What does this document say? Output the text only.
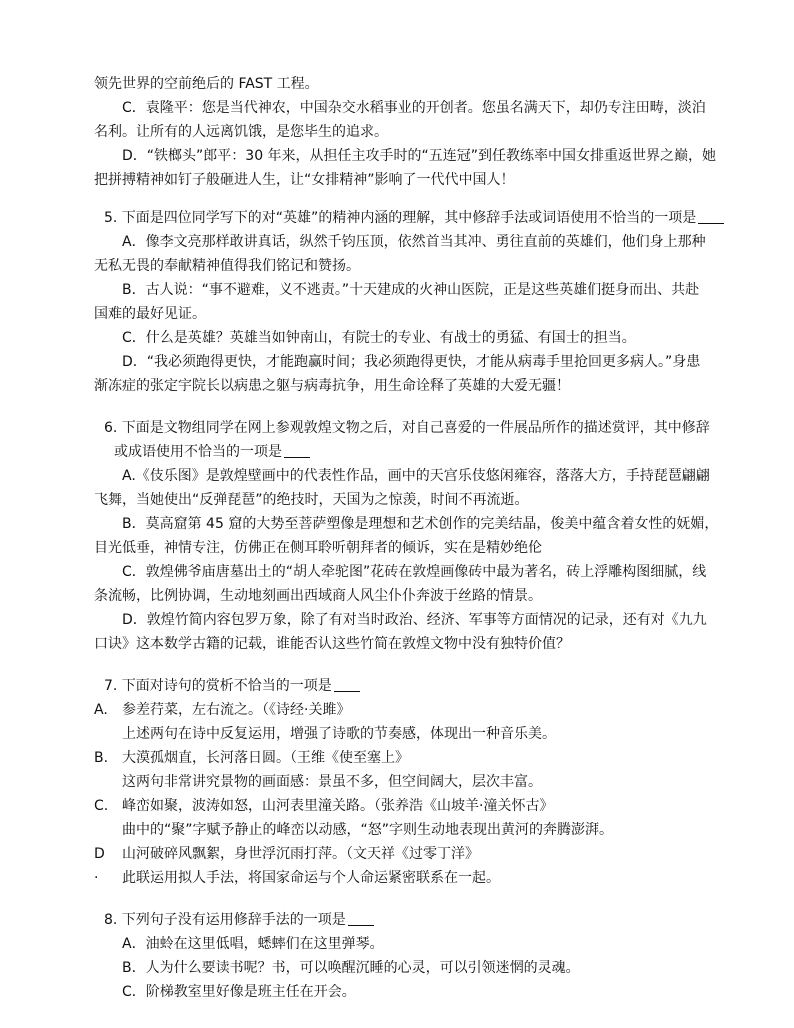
领先世界的空前绝后的 FAST 工程。
C．袁隆平：您是当代神农，中国杂交水稻事业的开创者。您虽名满天下，却仍专注田畴，淡泊
名利。让所有的人远离饥饿，是您毕生的追求。
D．“铁榔头”郎平：30 年来，从担任主攻手时的“五连冠”到任教练率中国女排重返世界之巅，她
把拼搏精神如钉子般砸进人生，让“女排精神”影响了一代代中国人！
5. 下面是四位同学写下的对“英雄”的精神内涵的理解，其中修辞手法或词语使用不恰当的一项是
A．像李文亮那样敢讲真话，纵然千钧压顶，依然首当其冲、勇往直前的英雄们，他们身上那种
无私无畏的奉献精神值得我们铭记和赞扬。
B．古人说：“事不避难，义不逃责。”十天建成的火神山医院，正是这些英雄们挺身而出、共赴
国难的最好见证。
C．什么是英雄？英雄当如钟南山，有院士的专业、有战士的勇猛、有国士的担当。
D．“我必须跑得更快，才能跑赢时间；我必须跑得更快，才能从病毒手里抢回更多病人。”身患
渐冻症的张定宇院长以病患之躯与病毒抗争，用生命诠释了英雄的大爱无疆！
6. 下面是文物组同学在网上参观敦煌文物之后，对自己喜爱的一件展品所作的描述赏评，其中修辞
或成语使用不恰当的一项是
A.《伎乐图》是敦煌壁画中的代表性作品，画中的天宫乐伎悠闲雍容，落落大方，手持琵琶翩翩
飞舞，当她使出“反弹琵琶”的绝技时，天国为之惊羡，时间不再流逝。
B．莫高窟第 45 窟的大势至菩萨塑像是理想和艺术创作的完美结晶，俊美中蕴含着女性的妩媚，
目光低垂，神情专注，仿佛正在侧耳聆听朝拜者的倾诉，实在是精妙绝伦
C．敦煌佛爷庙唐墓出土的“胡人牵驼图”花砖在敦煌画像砖中最为著名，砖上浮雕构图细腻，线
条流畅，比例协调，生动地刻画出西域商人风尘仆仆奔波于丝路的情景。
D．敦煌竹简内容包罗万象，除了有对当时政治、经济、军事等方面情况的记录，还有对《九九
口诀》这本数学古籍的记载，谁能否认这些竹简在敦煌文物中没有独特价值？
7. 下面对诗句的赏析不恰当的一项是
A. 参差荇菜，左右流之。（《诗经·关雎》
上述两句在诗中反复运用，增强了诗歌的节奏感，体现出一种音乐美。
B. 大漠孤烟直，长河落日圆。（王维《使至塞上》
这两句非常讲究景物的画面感：景虽不多，但空间阔大，层次丰富。
C. 峰峦如聚，波涛如怒，山河表里潼关路。（张养浩《山坡羊·潼关怀古》
曲中的“聚”字赋予静止的峰峦以动感，“怒”字则生动地表现出黄河的奔腾澎湃。
D 山河破碎风飘絮，身世浮沉雨打萍。（文天祥《过零丁洋》
· 此联运用拟人手法，将国家命运与个人命运紧密联系在一起。
8. 下列句子没有运用修辞手法的一项是
A．油蛉在这里低唱，蟋蟀们在这里弹琴。
B．人为什么要读书呢？书，可以唤醒沉睡的心灵，可以引领迷惘的灵魂。
C．阶梯教室里好像是班主任在开会。
